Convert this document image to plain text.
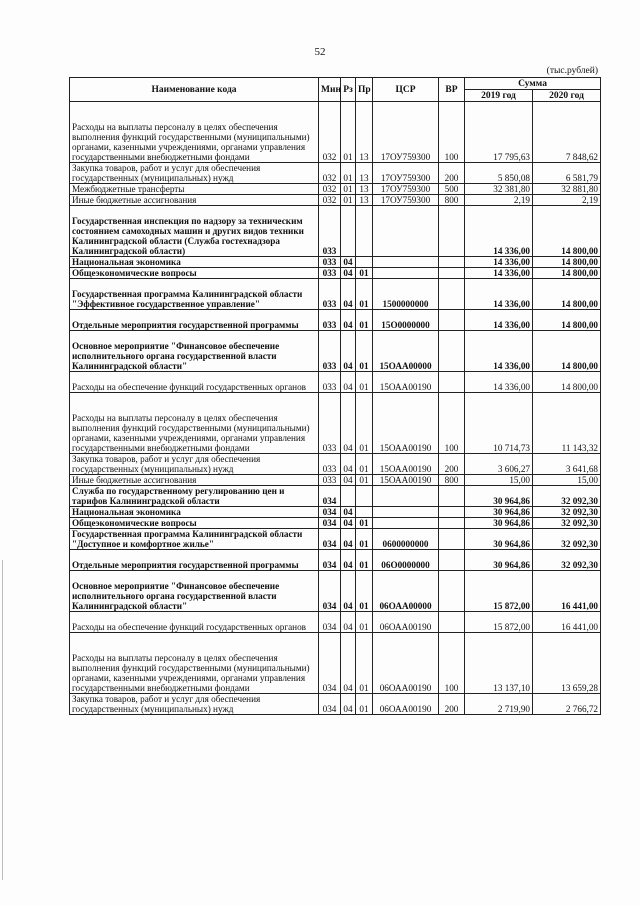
52
(тыс.рублей)
Наименование кода	Мин	Рз	Пр	ЦСР	ВР	Сумма	
						2019 год	2020 год
Расходы на выплаты персоналу в целях обеспечения выполнения функций государственными (муниципальными) органами, казенными учреждениями, органами управления государственными внебюджетными фондами	032	01	13	17ОУ759300	100	17 795,63	7 848,62
Закупка товаров, работ и услуг для обеспечения государственных (муниципальных) нужд	032	01	13	17ОУ759300	200	5 850,08	6 581,79
Межбюджетные трансферты	032	01	13	17ОУ759300	500	32 381,80	32 881,80
Иные бюджетные ассигнования	032	01	13	17ОУ759300	800	2,19	2,19
Государственная инспекция по надзору за техническим состоянием самоходных машин и других видов техники Калининградской области (Служба гостехнадзора Калининградской области)	033					14 336,00	14 800,00
Национальная экономика	033	04				14 336,00	14 800,00
Общеэкономические вопросы	033	04	01			14 336,00	14 800,00
Государственная программа Калининградской области "Эффективное государственное управление"	033	04	01	1500000000		14 336,00	14 800,00
Отдельные мероприятия государственной программы	033	04	01	15О0000000		14 336,00	14 800,00
Основное мероприятие "Финансовое обеспечение исполнительного органа государственной власти Калининградской области"	033	04	01	15ОАА00000		14 336,00	14 800,00
Расходы на обеспечение функций государственных органов	033	04	01	15ОАА00190		14 336,00	14 800,00
Расходы на выплаты персоналу в целях обеспечения выполнения функций государственными (муниципальными) органами, казенными учреждениями, органами управления государственными внебюджетными фондами	033	04	01	15ОАА00190	100	10 714,73	11 143,32
Закупка товаров, работ и услуг для обеспечения государственных (муниципальных) нужд	033	04	01	15ОАА00190	200	3 606,27	3 641,68
Иные бюджетные ассигнования	033	04	01	15ОАА00190	800	15,00	15,00
Служба по государственному регулированию цен и тарифов Калининградской области	034					30 964,86	32 092,30
Национальная экономика	034	04				30 964,86	32 092,30
Общеэкономические вопросы	034	04	01			30 964,86	32 092,30
Государственная программа Калининградской области "Доступное и комфортное жилье"	034	04	01	0600000000		30 964,86	32 092,30
Отдельные мероприятия государственной программы	034	04	01	06О0000000		30 964,86	32 092,30
Основное мероприятие "Финансовое обеспечение исполнительного органа государственной власти Калининградской области"	034	04	01	06ОАА00000		15 872,00	16 441,00
Расходы на обеспечение функций государственных органов	034	04	01	06ОАА00190		15 872,00	16 441,00
Расходы на выплаты персоналу в целях обеспечения выполнения функций государственными (муниципальными) органами, казенными учреждениями, органами управления государственными внебюджетными фондами	034	04	01	06ОАА00190	100	13 137,10	13 659,28
Закупка товаров, работ и услуг для обеспечения государственных (муниципальных) нужд	034	04	01	06ОАА00190	200	2 719,90	2 766,72
